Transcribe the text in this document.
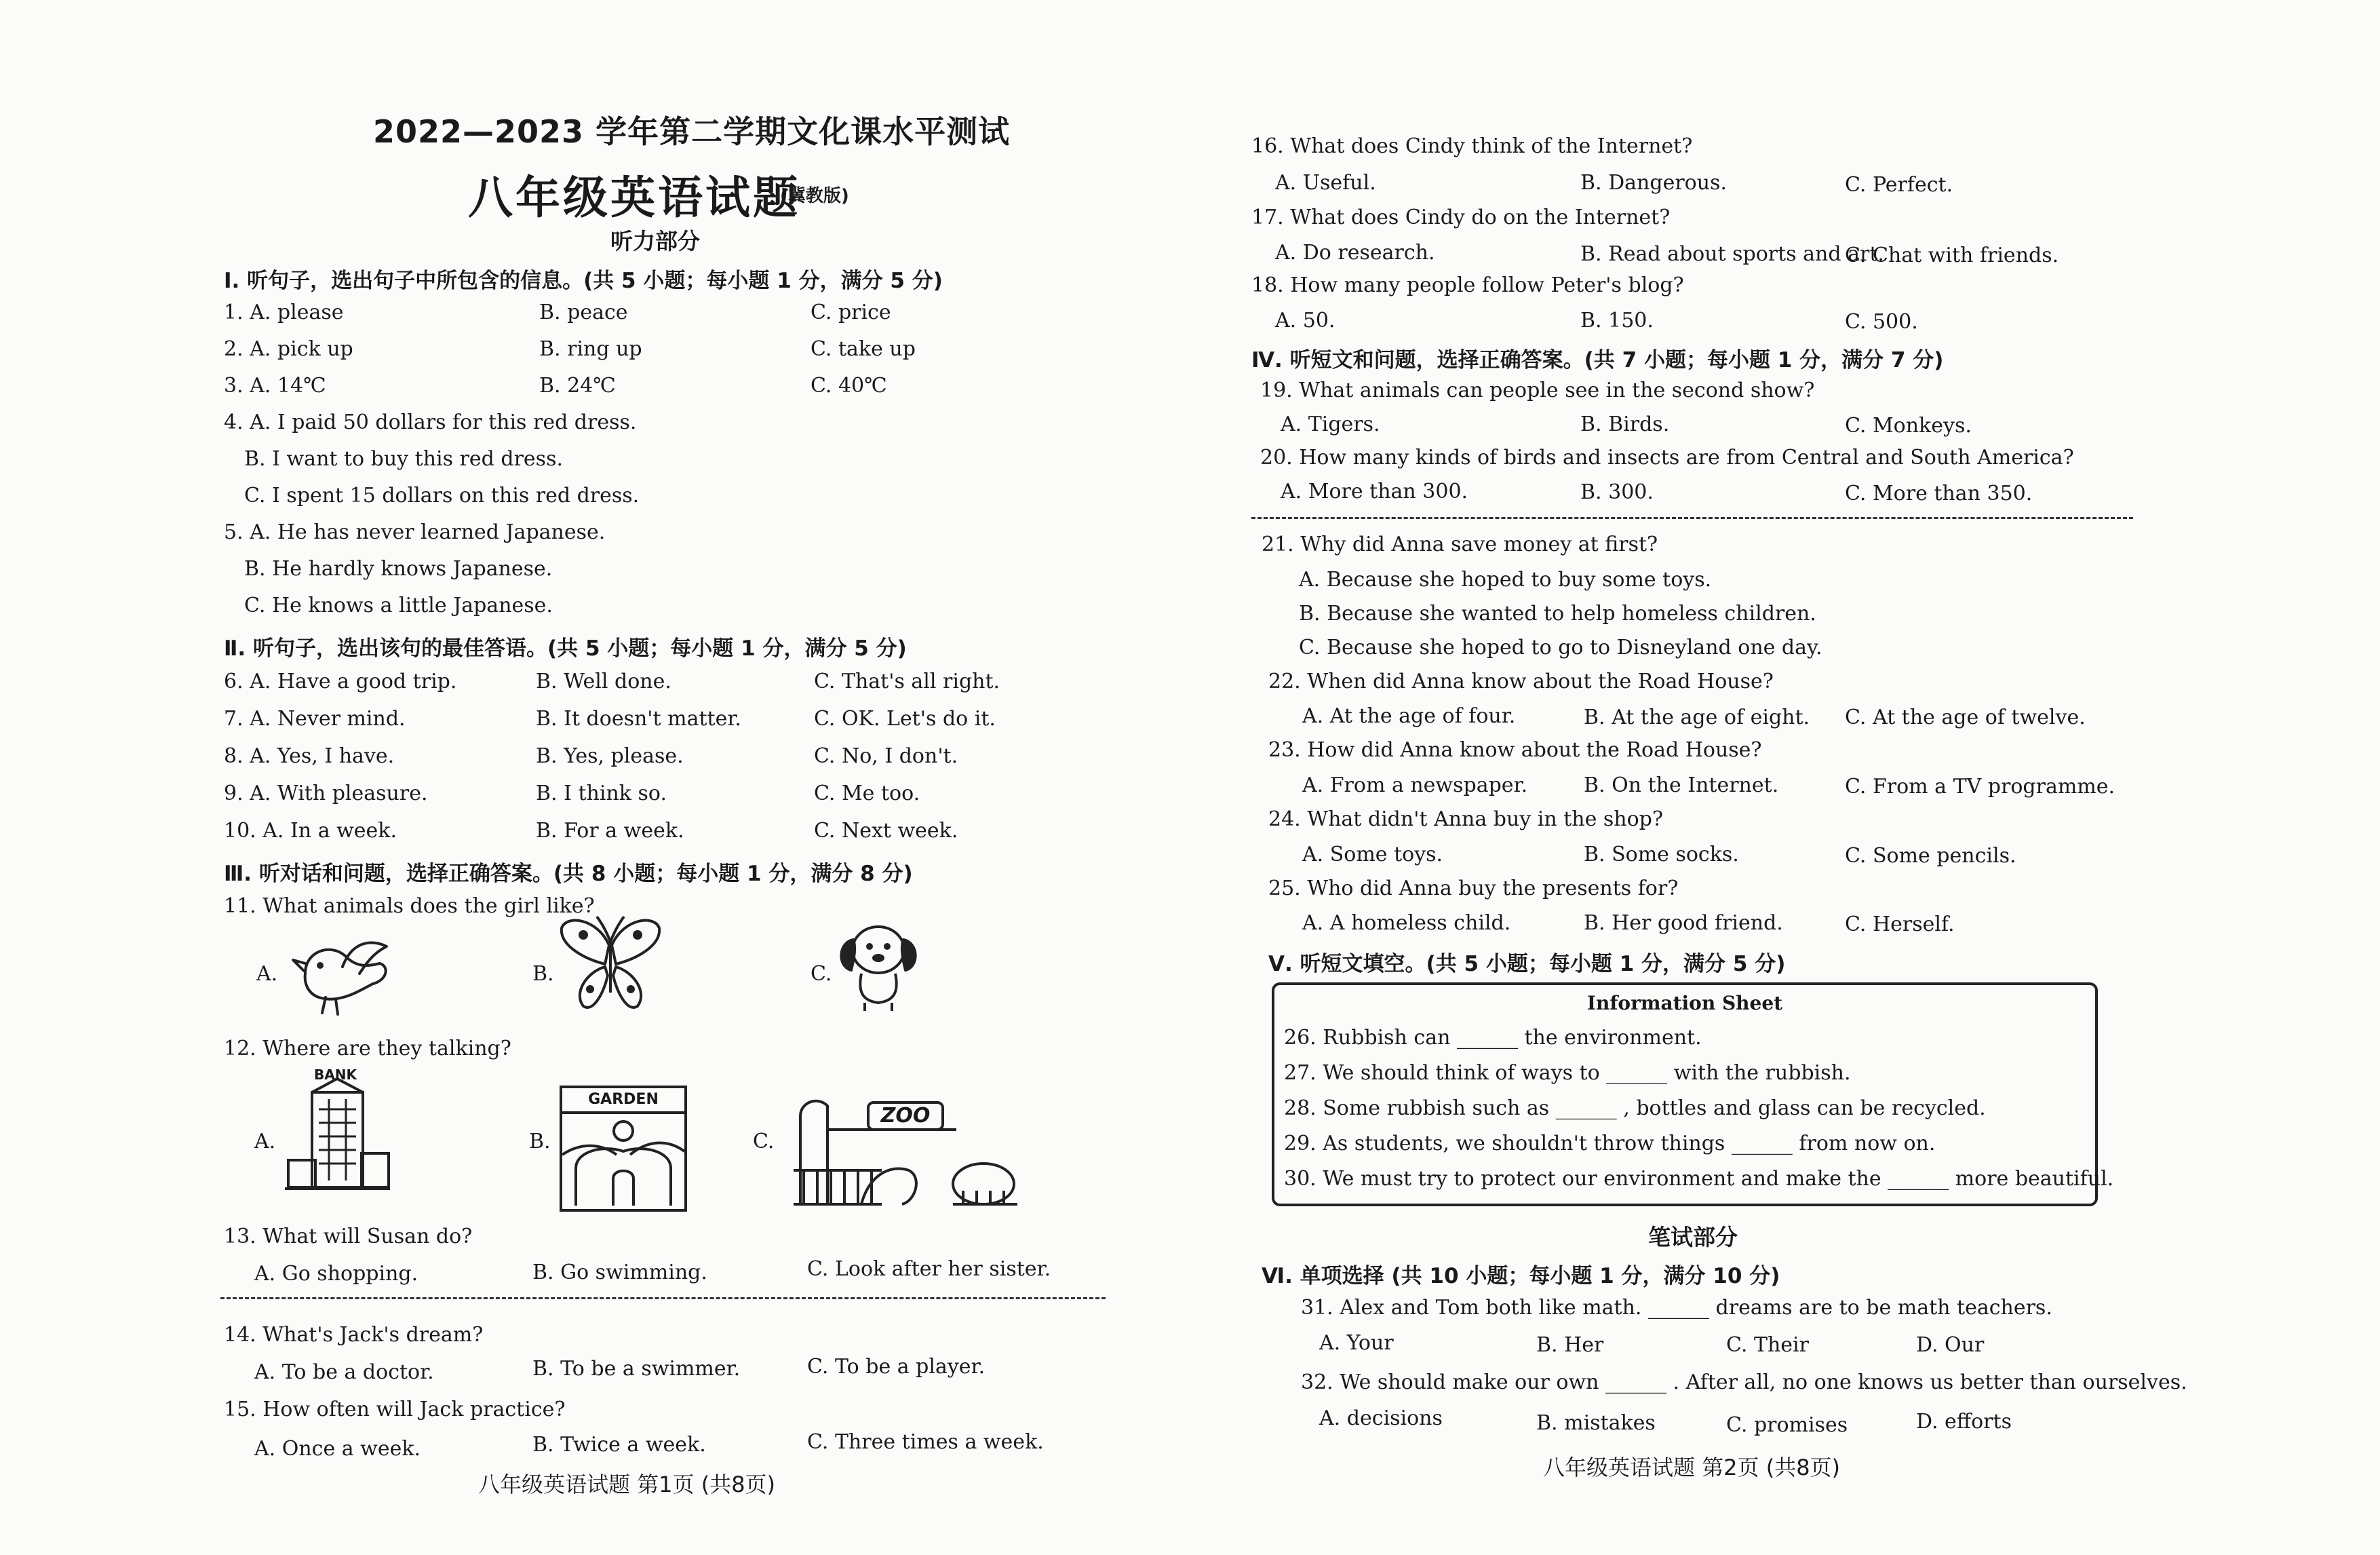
2022—2023 学年第二学期文化课水平测试
八年级英语试题
(冀教版)
听力部分
Ⅰ. 听句子，选出句子中所包含的信息。(共 5 小题；每小题 1 分，满分 5 分)
1. A. please	B. peace	C. price
2. A. pick up	B. ring up	C. take up
3. A. 14℃	B. 24℃	C. 40℃
4. A. I paid 50 dollars for this red dress.
B. I want to buy this red dress.
C. I spent 15 dollars on this red dress.
5. A. He has never learned Japanese.
B. He hardly knows Japanese.
C. He knows a little Japanese.
Ⅱ. 听句子，选出该句的最佳答语。(共 5 小题；每小题 1 分，满分 5 分)
6. A. Have a good trip.	B. Well done.	C. That's all right.
7. A. Never mind.	B. It doesn't matter.	C. OK. Let's do it.
8. A. Yes, I have.	B. Yes, please.	C. No, I don't.
9. A. With pleasure.	B. I think so.	C. Me too.
10. A. In a week.	B. For a week.	C. Next week.
Ⅲ. 听对话和问题，选择正确答案。(共 8 小题；每小题 1 分，满分 8 分)
11. What animals does the girl like?
A.	B.	C.
12. Where are they talking?
A.	B.	C.
BANK
GARDEN
ZOO
13. What will Susan do?
A. Go shopping.	B. Go swimming.	C. Look after her sister.
14. What's Jack's dream?
A. To be a doctor.	B. To be a swimmer.	C. To be a player.
15. How often will Jack practice?
A. Once a week.	B. Twice a week.	C. Three times a week.
八年级英语试题 第1页 (共8页)
16. What does Cindy think of the Internet?
A. Useful.	B. Dangerous.	C. Perfect.
17. What does Cindy do on the Internet?
A. Do research.	B. Read about sports and art.
C. Chat with friends.
18. How many people follow Peter's blog?
A. 50.	B. 150.	C. 500.
Ⅳ. 听短文和问题，选择正确答案。(共 7 小题；每小题 1 分，满分 7 分)
19. What animals can people see in the second show?
A. Tigers.	B. Birds.	C. Monkeys.
20. How many kinds of birds and insects are from Central and South America?
A. More than 300.	B. 300.	C. More than 350.
21. Why did Anna save money at first?
A. Because she hoped to buy some toys.
B. Because she wanted to help homeless children.
C. Because she hoped to go to Disneyland one day.
22. When did Anna know about the Road House?
A. At the age of four.	B. At the age of eight. C. At the age of twelve.
23. How did Anna know about the Road House?
A. From a newspaper.	B. On the Internet.	C. From a TV programme.
24. What didn't Anna buy in the shop?
A. Some toys.	B. Some socks.	C. Some pencils.
25. Who did Anna buy the presents for?
A. A homeless child.	B. Her good friend.	C. Herself.
Ⅴ. 听短文填空。(共 5 小题；每小题 1 分，满分 5 分)
Information Sheet
26. Rubbish can ______ the environment.
27. We should think of ways to ______ with the rubbish.
28. Some rubbish such as ______ , bottles and glass can be recycled.
29. As students, we shouldn't throw things ______ from now on.
30. We must try to protect our environment and make the ______ more beautiful.
笔试部分
Ⅵ. 单项选择 (共 10 小题；每小题 1 分，满分 10 分)
31. Alex and Tom both like math. ______ dreams are to be math teachers.
A. Your	B. Her	C. Their	D. Our
32. We should make our own ______ . After all, no one knows us better than ourselves.
A. decisions	B. mistakes	C. promises	D. efforts
八年级英语试题 第2页 (共8页)
